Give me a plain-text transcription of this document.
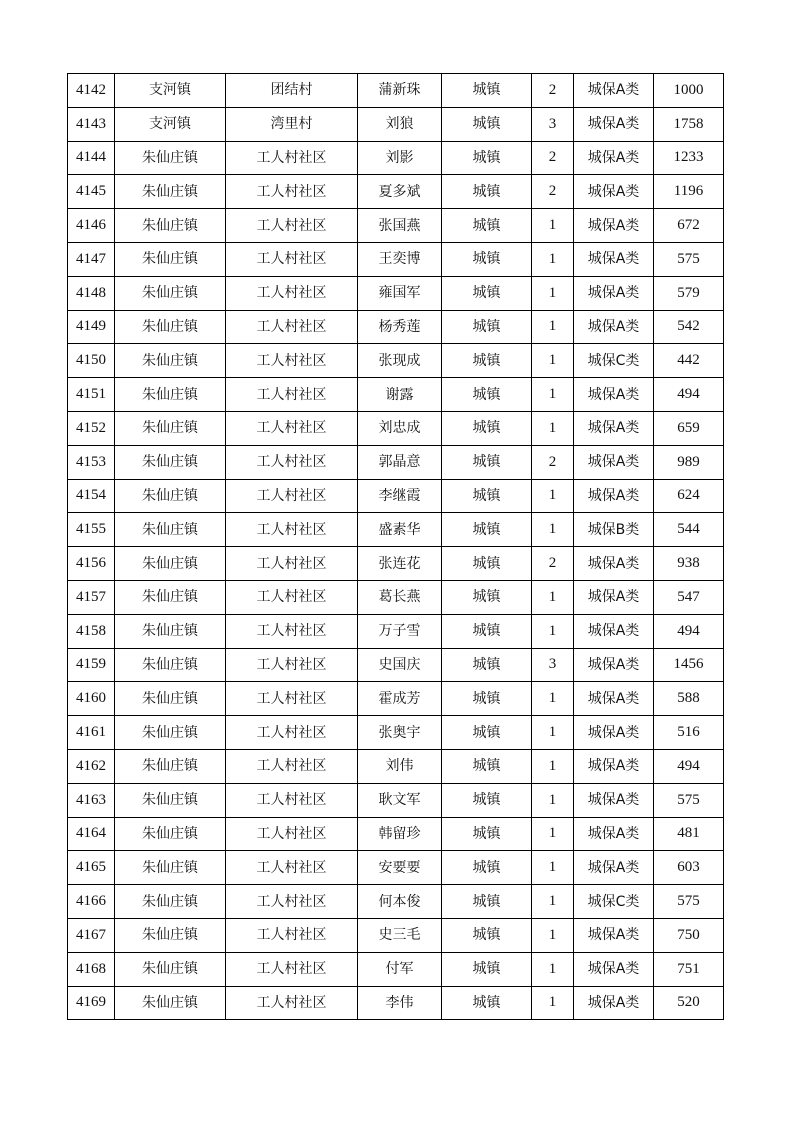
4142	支河镇	团结村	蒲新珠	城镇	2	城保A类	1000
4143	支河镇	湾里村	刘狼	城镇	3	城保A类	1758
4144	朱仙庄镇	工人村社区	刘影	城镇	2	城保A类	1233
4145	朱仙庄镇	工人村社区	夏多斌	城镇	2	城保A类	1196
4146	朱仙庄镇	工人村社区	张国燕	城镇	1	城保A类	672
4147	朱仙庄镇	工人村社区	王奕博	城镇	1	城保A类	575
4148	朱仙庄镇	工人村社区	雍国军	城镇	1	城保A类	579
4149	朱仙庄镇	工人村社区	杨秀莲	城镇	1	城保A类	542
4150	朱仙庄镇	工人村社区	张现成	城镇	1	城保C类	442
4151	朱仙庄镇	工人村社区	谢露	城镇	1	城保A类	494
4152	朱仙庄镇	工人村社区	刘忠成	城镇	1	城保A类	659
4153	朱仙庄镇	工人村社区	郭晶意	城镇	2	城保A类	989
4154	朱仙庄镇	工人村社区	李继霞	城镇	1	城保A类	624
4155	朱仙庄镇	工人村社区	盛素华	城镇	1	城保B类	544
4156	朱仙庄镇	工人村社区	张连花	城镇	2	城保A类	938
4157	朱仙庄镇	工人村社区	葛长燕	城镇	1	城保A类	547
4158	朱仙庄镇	工人村社区	万子雪	城镇	1	城保A类	494
4159	朱仙庄镇	工人村社区	史国庆	城镇	3	城保A类	1456
4160	朱仙庄镇	工人村社区	霍成芳	城镇	1	城保A类	588
4161	朱仙庄镇	工人村社区	张奥宇	城镇	1	城保A类	516
4162	朱仙庄镇	工人村社区	刘伟	城镇	1	城保A类	494
4163	朱仙庄镇	工人村社区	耿文军	城镇	1	城保A类	575
4164	朱仙庄镇	工人村社区	韩留珍	城镇	1	城保A类	481
4165	朱仙庄镇	工人村社区	安要要	城镇	1	城保A类	603
4166	朱仙庄镇	工人村社区	何本俊	城镇	1	城保C类	575
4167	朱仙庄镇	工人村社区	史三毛	城镇	1	城保A类	750
4168	朱仙庄镇	工人村社区	付军	城镇	1	城保A类	751
4169	朱仙庄镇	工人村社区	李伟	城镇	1	城保A类	520
